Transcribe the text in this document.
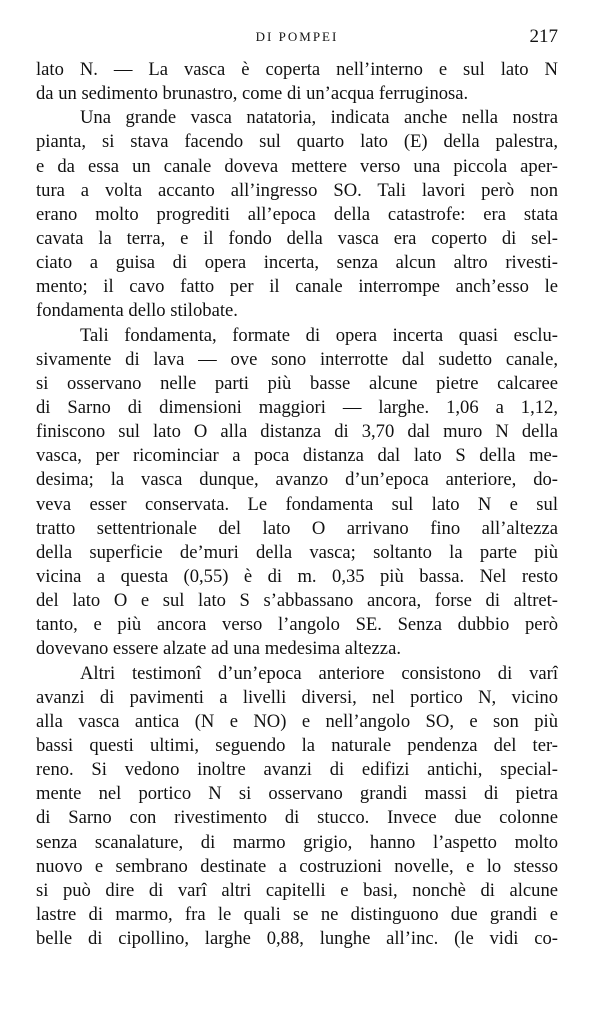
DI POMPEI	217
lato N. — La vasca è coperta nell’interno e sul lato N
da un sedimento brunastro, come di un’acqua ferruginosa.
Una grande vasca natatoria, indicata anche nella nostra
pianta, si stava facendo sul quarto lato (E) della palestra,
e da essa un canale doveva mettere verso una piccola aper-
tura a volta accanto all’ingresso SO. Tali lavori però non
erano molto progrediti all’epoca della catastrofe: era stata
cavata la terra, e il fondo della vasca era coperto di sel-
ciato a guisa di opera incerta, senza alcun altro rivesti-
mento; il cavo fatto per il canale interrompe anch’esso le
fondamenta dello stilobate.
Tali fondamenta, formate di opera incerta quasi esclu-
sivamente di lava — ove sono interrotte dal sudetto canale,
si osservano nelle parti più basse alcune pietre calcaree
di Sarno di dimensioni maggiori — larghe. 1,06 a 1,12,
finiscono sul lato O alla distanza di 3,70 dal muro N della
vasca, per ricominciar a poca distanza dal lato S della me-
desima; la vasca dunque, avanzo d’un’epoca anteriore, do-
veva esser conservata. Le fondamenta sul lato N e sul
tratto settentrionale del lato O arrivano fino all’altezza
della superficie de’muri della vasca; soltanto la parte più
vicina a questa (0,55) è di m. 0,35 più bassa. Nel resto
del lato O e sul lato S s’abbassano ancora, forse di altret-
tanto, e più ancora verso l’angolo SE. Senza dubbio però
dovevano essere alzate ad una medesima altezza.
Altri testimonî d’un’epoca anteriore consistono di varî
avanzi di pavimenti a livelli diversi, nel portico N, vicino
alla vasca antica (N e NO) e nell’angolo SO, e son più
bassi questi ultimi, seguendo la naturale pendenza del ter-
reno. Si vedono inoltre avanzi di edifizi antichi, special-
mente nel portico N si osservano grandi massi di pietra
di Sarno con rivestimento di stucco. Invece due colonne
senza scanalature, di marmo grigio, hanno l’aspetto molto
nuovo e sembrano destinate a costruzioni novelle, e lo stesso
si può dire di varî altri capitelli e basi, nonchè di alcune
lastre di marmo, fra le quali se ne distinguono due grandi e
belle di cipollino, larghe 0,88, lunghe all’inc. (le vidi co-
